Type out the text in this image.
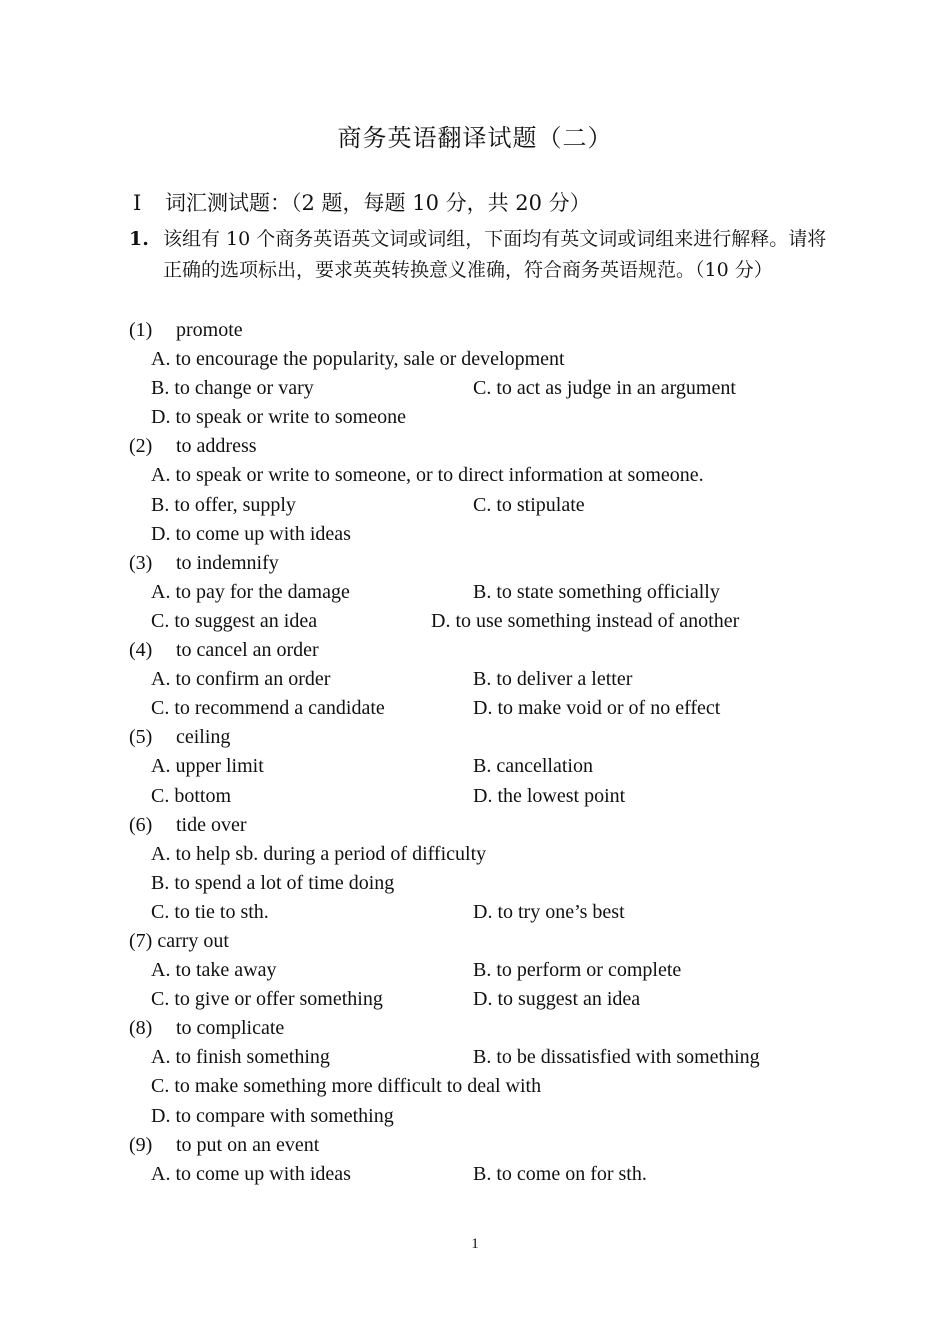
商务英语翻译试题（二）
Ⅰ 词汇测试题：（2 题，每题 10 分，共 20 分）
1. 该组有 10 个商务英语英文词或词组，下面均有英文词或词组来进行解释。请将正确的选项标出，要求英英转换意义准确，符合商务英语规范。（10 分）
(1) promote
A. to encourage the popularity, sale or development
B. to change or vary	C. to act as judge in an argument
D. to speak or write to someone
(2) to address
A. to speak or write to someone, or to direct information at someone.
B. to offer, supply	C. to stipulate
D. to come up with ideas
(3) to indemnify
A. to pay for the damage	B. to state something officially
C. to suggest an idea	D. to use something instead of another
(4) to cancel an order
A. to confirm an order	B. to deliver a letter
C. to recommend a candidate	D. to make void or of no effect
(5) ceiling
A. upper limit	B. cancellation
C. bottom	D. the lowest point
(6) tide over
A. to help sb. during a period of difficulty
B. to spend a lot of time doing
C. to tie to sth.	D. to try one’s best
(7) carry out
A. to take away	B. to perform or complete
C. to give or offer something	D. to suggest an idea
(8) to complicate
A. to finish something	B. to be dissatisfied with something
C. to make something more difficult to deal with
D. to compare with something
(9) to put on an event
A. to come up with ideas	B. to come on for sth.
1
